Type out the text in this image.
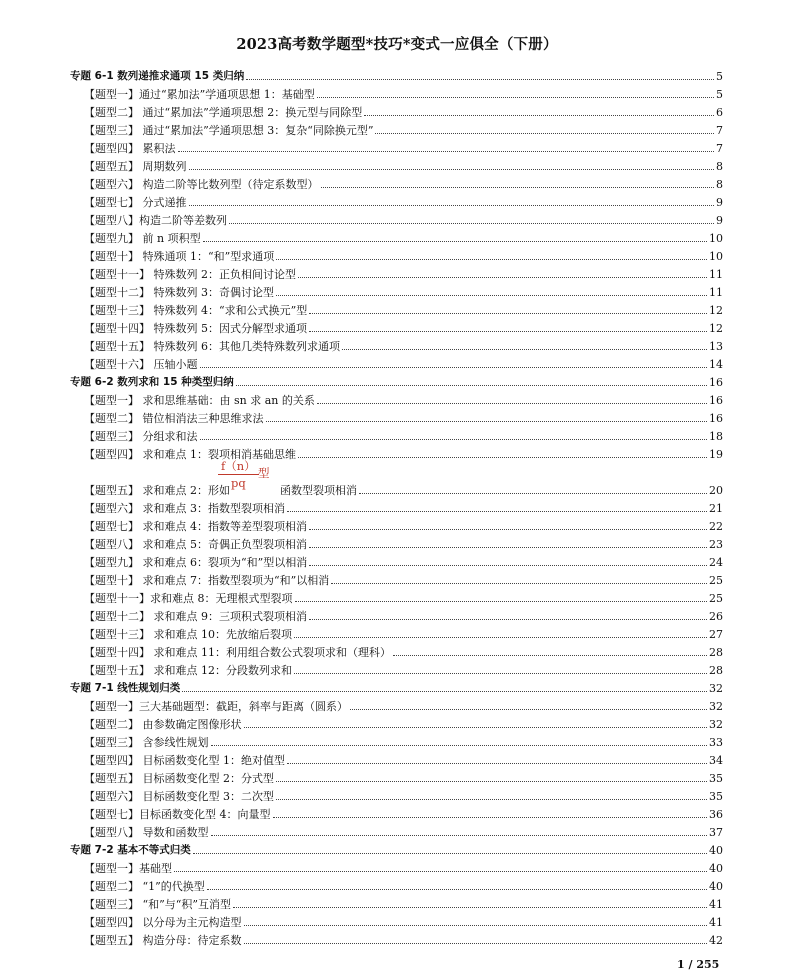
2023高考数学题型*技巧*变式一应俱全（下册）
专题 6-1 数列递推求通项 15 类归纳	5
【题型一】通过“累加法”学通项思想 1：基础型	5
【题型二】 通过“累加法”学通项思想 2：换元型与同除型	6
【题型三】 通过“累加法”学通项思想 3：复杂“同除换元型”	7
【题型四】 累积法	7
【题型五】 周期数列	8
【题型六】 构造二阶等比数列型（待定系数型）	8
【题型七】 分式递推	9
【题型八】构造二阶等差数列	9
【题型九】 前 n 项积型	10
【题型十】 特殊通项 1：“和”型求通项	10
【题型十一】 特殊数列 2：正负相间讨论型	11
【题型十二】 特殊数列 3：奇偶讨论型	11
【题型十三】 特殊数列 4：“求和公式换元”型	12
【题型十四】 特殊数列 5：因式分解型求通项	12
【题型十五】 特殊数列 6：其他几类特殊数列求通项	13
【题型十六】 压轴小题	14
专题 6-2 数列求和 15 种类型归纳	16
【题型一】 求和思维基础：由 sn 求 an 的关系	16
【题型二】 错位相消法三种思维求法	16
【题型三】 分组求和法	18
【题型四】 求和难点 1：裂项相消基础思维	19
f（n）
pq
型
【题型五】 求和难点 2：形如	函数型裂项相消	20
【题型六】 求和难点 3：指数型裂项相消	21
【题型七】 求和难点 4：指数等差型裂项相消	22
【题型八】 求和难点 5：奇偶正负型裂项相消	23
【题型九】 求和难点 6：裂项为“和”型以相消	24
【题型十】 求和难点 7：指数型裂项为“和”以相消	25
【题型十一】求和难点 8：无理根式型裂项	25
【题型十二】 求和难点 9：三项积式裂项相消	26
【题型十三】 求和难点 10：先放缩后裂项	27
【题型十四】 求和难点 11：利用组合数公式裂项求和（理科）	28
【题型十五】 求和难点 12：分段数列求和	28
专题 7-1 线性规划归类	32
【题型一】三大基础题型：截距，斜率与距离（圆系）	32
【题型二】 由参数确定图像形状	32
【题型三】 含参线性规划	33
【题型四】 目标函数变化型 1：绝对值型	34
【题型五】 目标函数变化型 2：分式型	35
【题型六】 目标函数变化型 3：二次型	35
【题型七】目标函数变化型 4：向量型	36
【题型八】 导数和函数型	37
专题 7-2 基本不等式归类	40
【题型一】基础型	40
【题型二】 “1”的代换型	40
【题型三】 “和”与“积”互消型	41
【题型四】 以分母为主元构造型	41
【题型五】 构造分母：待定系数	42
1 / 255
